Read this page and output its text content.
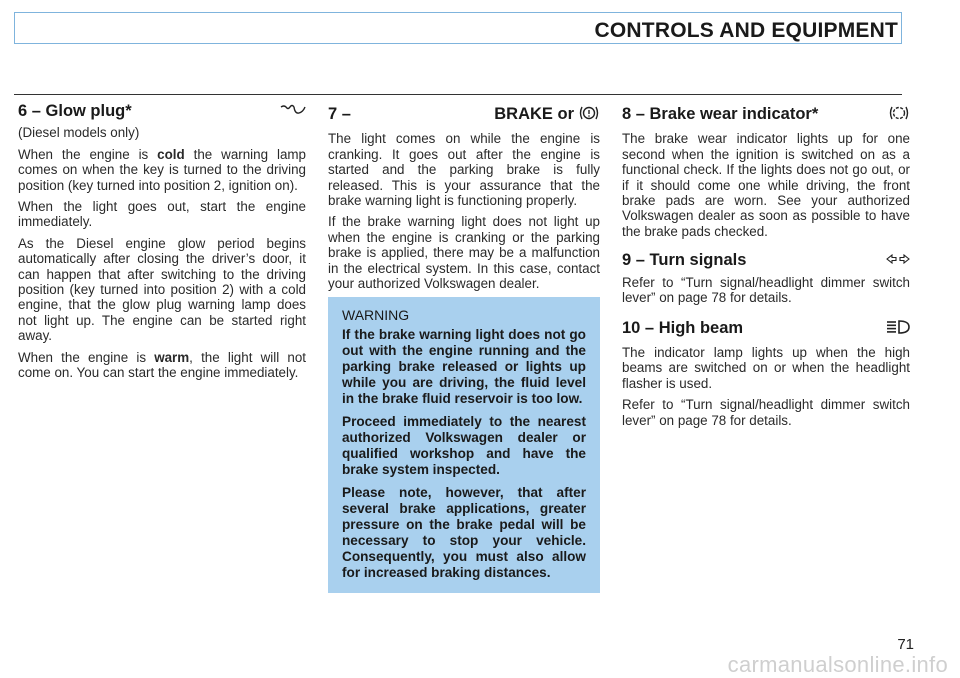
CONTROLS AND EQUIPMENT
6 – Glow plug*

(Diesel models only)

When the engine is cold the warning lamp comes on when the key is turned to the driving position (key turned into position 2, ignition on).

When the light goes out, start the engine immediately.

As the Diesel engine glow period begins automatically after closing the driver’s door, it can happen that after switching to the driving position (key turned into position 2) with a cold engine, that the glow plug warning lamp does not light up. The engine can be started right away.

When the engine is warm, the light will not come on. You can start the engine immediately.

7 –	BRAKE or

The light comes on while the engine is cranking. It goes out after the engine is started and the parking brake is fully released. This is your assurance that the brake warning light is functioning properly.

If the brake warning light does not light up when the engine is cranking or the parking brake is applied, there may be a malfunction in the electrical system. In this case, contact your authorized Volkswagen dealer.

WARNING

If the brake warning light does not go out with the engine running and the parking brake released or lights up while you are driving, the fluid level in the brake fluid reservoir is too low.

Proceed immediately to the nearest authorized Volkswagen dealer or qualified workshop and have the brake system inspected.

Please note, however, that after several brake applications, greater pressure on the brake pedal will be necessary to stop your vehicle. Consequently, you must also allow for increased braking distances.

8 – Brake wear indicator*

The brake wear indicator lights up for one second when the ignition is switched on as a functional check. If the lights does not go out, or if it should come one while driving, the front brake pads are worn. See your authorized Volkswagen dealer as soon as possible to have the brake pads checked.

9 – Turn signals

Refer to “Turn signal/headlight dimmer switch lever” on page 78 for details.

10 – High beam

The indicator lamp lights up when the high beams are switched on or when the headlight flasher is used.

Refer to “Turn signal/headlight dimmer switch lever” on page 78 for details.

71
carmanualsonline.info
